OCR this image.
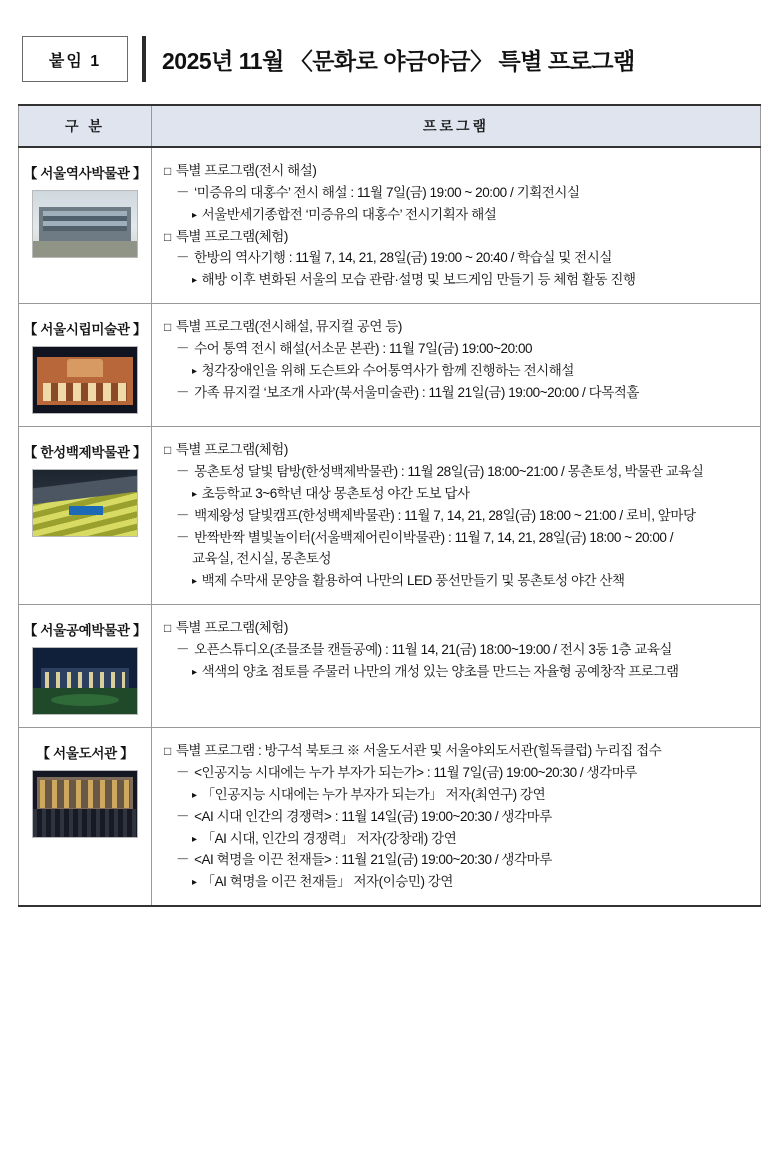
붙임 1	2025년 11월 〈문화로 야금야금〉 특별 프로그램
구 분	프로그램

【 서울역사박물관 】	□ 특별 프로그램(전시 해설)
－ ‘미증유의 대홍수’ 전시 해설 : 11월 7일(금) 19:00 ~ 20:00 / 기획전시실
▸ 서울반세기종합전 ‘미증유의 대홍수’ 전시기획자 해설
□ 특별 프로그램(체험)
－ 한방의 역사기행 : 11월 7, 14, 21, 28일(금) 19:00 ~ 20:40 / 학습실 및 전시실
▸ 해방 이후 변화된 서울의 모습 관람·설명 및 보드게임 만들기 등 체험 활동 진행

【 서울시립미술관 】	□ 특별 프로그램(전시해설, 뮤지컬 공연 등)
－ 수어 통역 전시 해설(서소문 본관) : 11월 7일(금) 19:00~20:00
▸ 청각장애인을 위해 도슨트와 수어통역사가 함께 진행하는 전시해설
－ 가족 뮤지컬 ‘보조개 사과’(북서울미술관) : 11월 21일(금) 19:00~20:00 / 다목적홀

【 한성백제박물관 】	□ 특별 프로그램(체험)
－ 몽촌토성 달빛 탐방(한성백제박물관) : 11월 28일(금) 18:00~21:00 / 몽촌토성, 박물관 교육실
▸ 초등학교 3~6학년 대상 몽촌토성 야간 도보 답사
－ 백제왕성 달빛캠프(한성백제박물관) : 11월 7, 14, 21, 28일(금) 18:00 ~ 21:00 / 로비, 앞마당
－ 반짝반짝 별빛놀이터(서울백제어린이박물관) : 11월 7, 14, 21, 28일(금) 18:00 ~ 20:00 /
교육실, 전시실, 몽촌토성
▸ 백제 수막새 문양을 활용하여 나만의 LED 풍선만들기 및 몽촌토성 야간 산책

【 서울공예박물관 】	□ 특별 프로그램(체험)
－ 오픈스튜디오(조믈조믈 캔들공예) : 11월 14, 21(금) 18:00~19:00 / 전시 3동 1층 교육실
▸ 색색의 양초 점토를 주물러 나만의 개성 있는 양초를 만드는 자율형 공예창작 프로그램

【 서울도서관 】	□ 특별 프로그램 : 방구석 북토크 ※ 서울도서관 및 서울야외도서관(힐독클럽) 누리집 접수
－ <인공지능 시대에는 누가 부자가 되는가> : 11월 7일(금) 19:00~20:30 / 생각마루
▸ 「인공지능 시대에는 누가 부자가 되는가」 저자(최연구) 강연
－ <AI 시대 인간의 경쟁력> : 11월 14일(금) 19:00~20:30 / 생각마루
▸ 「AI 시대, 인간의 경쟁력」 저자(강창래) 강연
－ <AI 혁명을 이끈 천재들> : 11월 21일(금) 19:00~20:30 / 생각마루
▸ 「AI 혁명을 이끈 천재들」 저자(이승민) 강연
